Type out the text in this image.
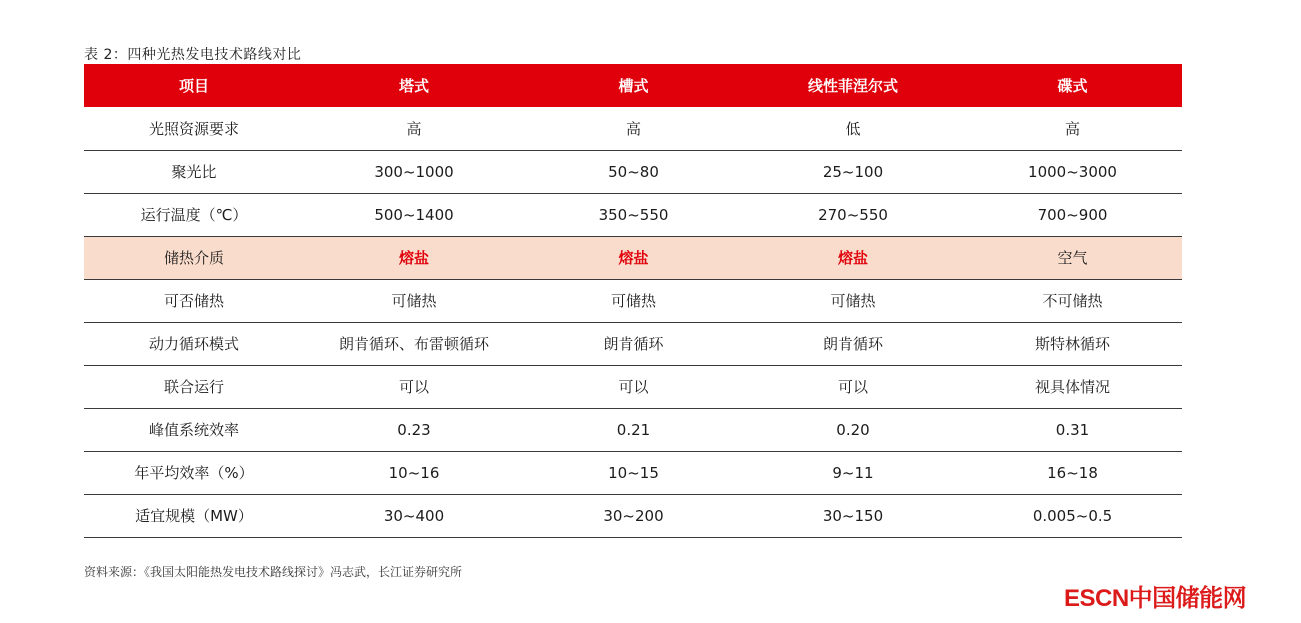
表 2：四种光热发电技术路线对比
项目	塔式	槽式	线性菲涅尔式	碟式
光照资源要求	高	高	低	高
聚光比	300~1000	50~80	25~100	1000~3000
运行温度（℃）	500~1400	350~550	270~550	700~900
储热介质	熔盐	熔盐	熔盐	空气
可否储热	可储热	可储热	可储热	不可储热
动力循环模式	朗肯循环、布雷顿循环	朗肯循环	朗肯循环	斯特林循环
联合运行	可以	可以	可以	视具体情况
峰值系统效率	0.23	0.21	0.20	0.31
年平均效率（%）	10~16	10~15	9~11	16~18
适宜规模（MW）	30~400	30~200	30~150	0.005~0.5
资料来源：《我国太阳能热发电技术路线探讨》冯志武，长江证券研究所
ESCN中国储能网
